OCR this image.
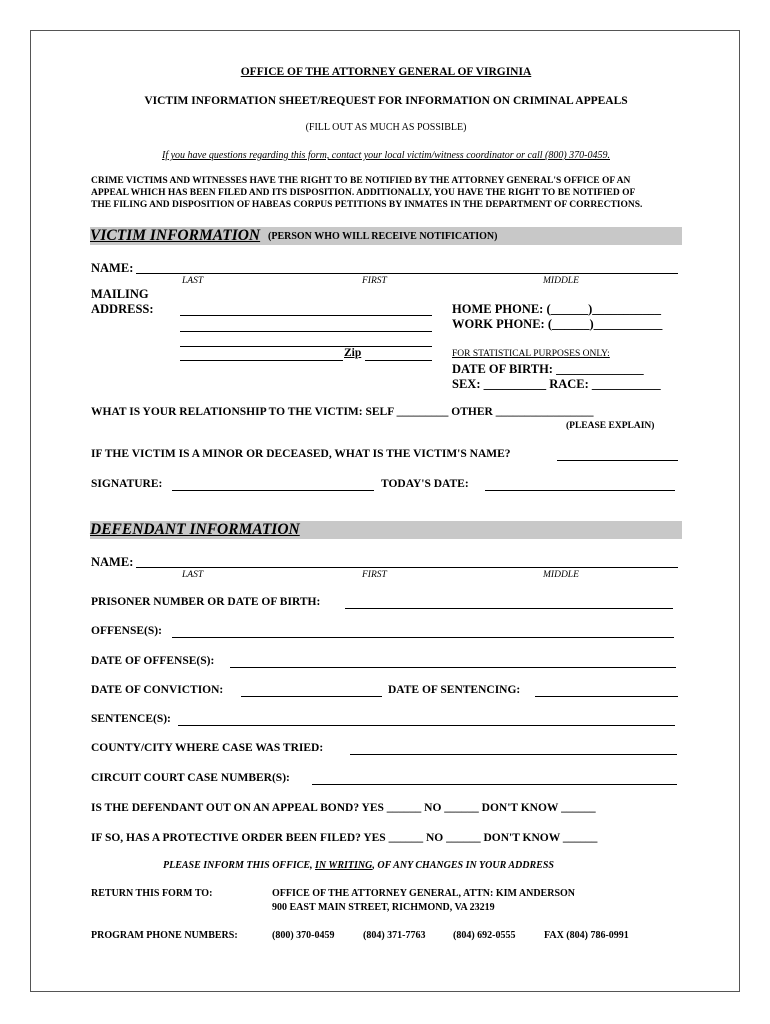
OFFICE OF THE ATTORNEY GENERAL OF VIRGINIA
VICTIM INFORMATION SHEET/REQUEST FOR INFORMATION ON CRIMINAL APPEALS
(FILL OUT AS MUCH AS POSSIBLE)
If you have questions regarding this form, contact your local victim/witness coordinator or call (800) 370-0459.
CRIME VICTIMS AND WITNESSES HAVE THE RIGHT TO BE NOTIFIED BY THE ATTORNEY GENERAL'S OFFICE OF AN
APPEAL WHICH HAS BEEN FILED AND ITS DISPOSITION. ADDITIONALLY, YOU HAVE THE RIGHT TO BE NOTIFIED OF
THE FILING AND DISPOSITION OF HABEAS CORPUS PETITIONS BY INMATES IN THE DEPARTMENT OF CORRECTIONS.
VICTIM INFORMATION (PERSON WHO WILL RECEIVE NOTIFICATION)
NAME:
LAST	FIRST	MIDDLE
MAILING
ADDRESS:
Zip
HOME PHONE: (______)___________
WORK PHONE: (______)___________
FOR STATISTICAL PURPOSES ONLY:
DATE OF BIRTH: ______________
SEX: __________ RACE: ___________
WHAT IS YOUR RELATIONSHIP TO THE VICTIM: SELF _________ OTHER _________________
(PLEASE EXPLAIN)
IF THE VICTIM IS A MINOR OR DECEASED, WHAT IS THE VICTIM'S NAME?
SIGNATURE:	TODAY'S DATE:
DEFENDANT INFORMATION
NAME:
LAST	FIRST	MIDDLE
PRISONER NUMBER OR DATE OF BIRTH:
OFFENSE(S):
DATE OF OFFENSE(S):
DATE OF CONVICTION:	DATE OF SENTENCING:
SENTENCE(S):
COUNTY/CITY WHERE CASE WAS TRIED:
CIRCUIT COURT CASE NUMBER(S):
IS THE DEFENDANT OUT ON AN APPEAL BOND? YES ______ NO ______ DON'T KNOW ______
IF SO, HAS A PROTECTIVE ORDER BEEN FILED? YES ______ NO ______ DON'T KNOW ______
PLEASE INFORM THIS OFFICE, IN WRITING, OF ANY CHANGES IN YOUR ADDRESS
RETURN THIS FORM TO:	OFFICE OF THE ATTORNEY GENERAL, ATTN: KIM ANDERSON
900 EAST MAIN STREET, RICHMOND, VA 23219
PROGRAM PHONE NUMBERS:	(800) 370-0459	(804) 371-7763	(804) 692-0555	FAX (804) 786-0991
